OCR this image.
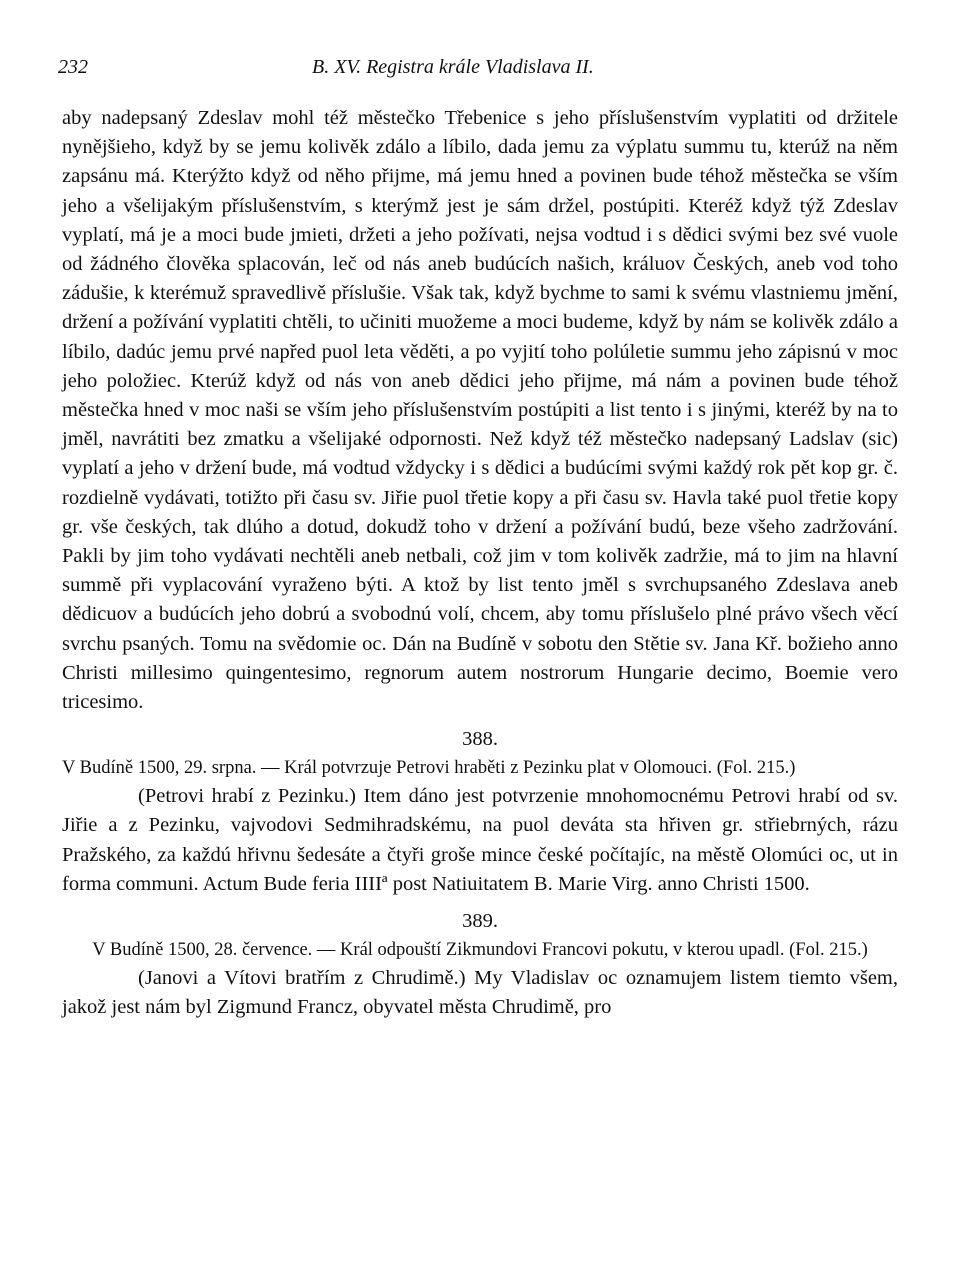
232	B. XV. Registra krále Vladislava II.

aby nadepsaný Zdeslav mohl též městečko Třebenice s jeho příslušenstvím vyplatiti od držitele nynějšieho, když by se jemu kolivěk zdálo a líbilo, dada jemu za výplatu summu tu, kterúž na něm zapsánu má. Kterýžto když od něho přijme, má jemu hned a povinen bude téhož městečka se vším jeho a všelijakým příslušenstvím, s kterýmž jest je sám držel, postúpiti. Kteréž když týž Zdeslav vyplatí, má je a moci bude jmieti, držeti a jeho požívati, nejsa vodtud i s dědici svými bez své vuole od žádného člověka splacován, leč od nás aneb budúcích našich, králuov Českých, aneb vod toho zádušie, k kterémuž spravedlivě příslušie. Však tak, když bychme to sami k svému vlastniemu jmění, držení a požívání vyplatiti chtěli, to učiniti muožeme a moci budeme, když by nám se kolivěk zdálo a líbilo, dadúc jemu prvé napřed puol leta věděti, a po vyjití toho polúletie summu jeho zápisnú v moc jeho položiec. Kterúž když od nás von aneb dědici jeho přijme, má nám a povinen bude téhož městečka hned v moc naši se vším jeho příslušenstvím postúpiti a list tento i s jinými, kteréž by na to jměl, navrátiti bez zmatku a všelijaké odpornosti. Než když též městečko nadepsaný Ladslav (sic) vyplatí a jeho v držení bude, má vodtud vždycky i s dědici a budúcími svými každý rok pět kop gr. č. rozdielně vydávati, totižto při času sv. Jiřie puol třetie kopy a při času sv. Havla také puol třetie kopy gr. vše českých, tak dlúho a dotud, dokudž toho v držení a požívání budú, beze všeho zadržování. Pakli by jim toho vydávati nechtěli aneb netbali, což jim v tom kolivěk zadržie, má to jim na hlavní summě při vyplacování vyraženo býti. A ktož by list tento jměl s svrchupsaného Zdeslava aneb dědicuov a budúcích jeho dobrú a svobodnú volí, chcem, aby tomu příslušelo plné právo všech věcí svrchu psaných. Tomu na svědomie oc. Dán na Budíně v sobotu den Stětie sv. Jana Kř. božieho anno Christi millesimo quingentesimo, regnorum autem nostrorum Hungarie decimo, Boemie vero tricesimo.

388.

V Budíně 1500, 29. srpna. — Král potvrzuje Petrovi hraběti z Pezinku plat v Olomouci. (Fol. 215.)

(Petrovi hrabí z Pezinku.) Item dáno jest potvrzenie mnohomocnému Petrovi hrabí od sv. Jiřie a z Pezinku, vajvodovi Sedmihradskému, na puol deváta sta hřiven gr. střiebrných, rázu Pražského, za každú hřivnu šedesáte a čtyři groše mince české počítajíc, na městě Olomúci oc, ut in forma communi. Actum Bude feria IIIIª post Natiuitatem B. Marie Virg. anno Christi 1500.

389.

V Budíně 1500, 28. července. — Král odpouští Zikmundovi Francovi pokutu, v kterou upadl. (Fol. 215.)

(Janovi a Vítovi bratřím z Chrudimě.) My Vladislav oc oznamujem listem tiemto všem, jakož jest nám byl Zigmund Francz, obyvatel města Chrudimě, pro
